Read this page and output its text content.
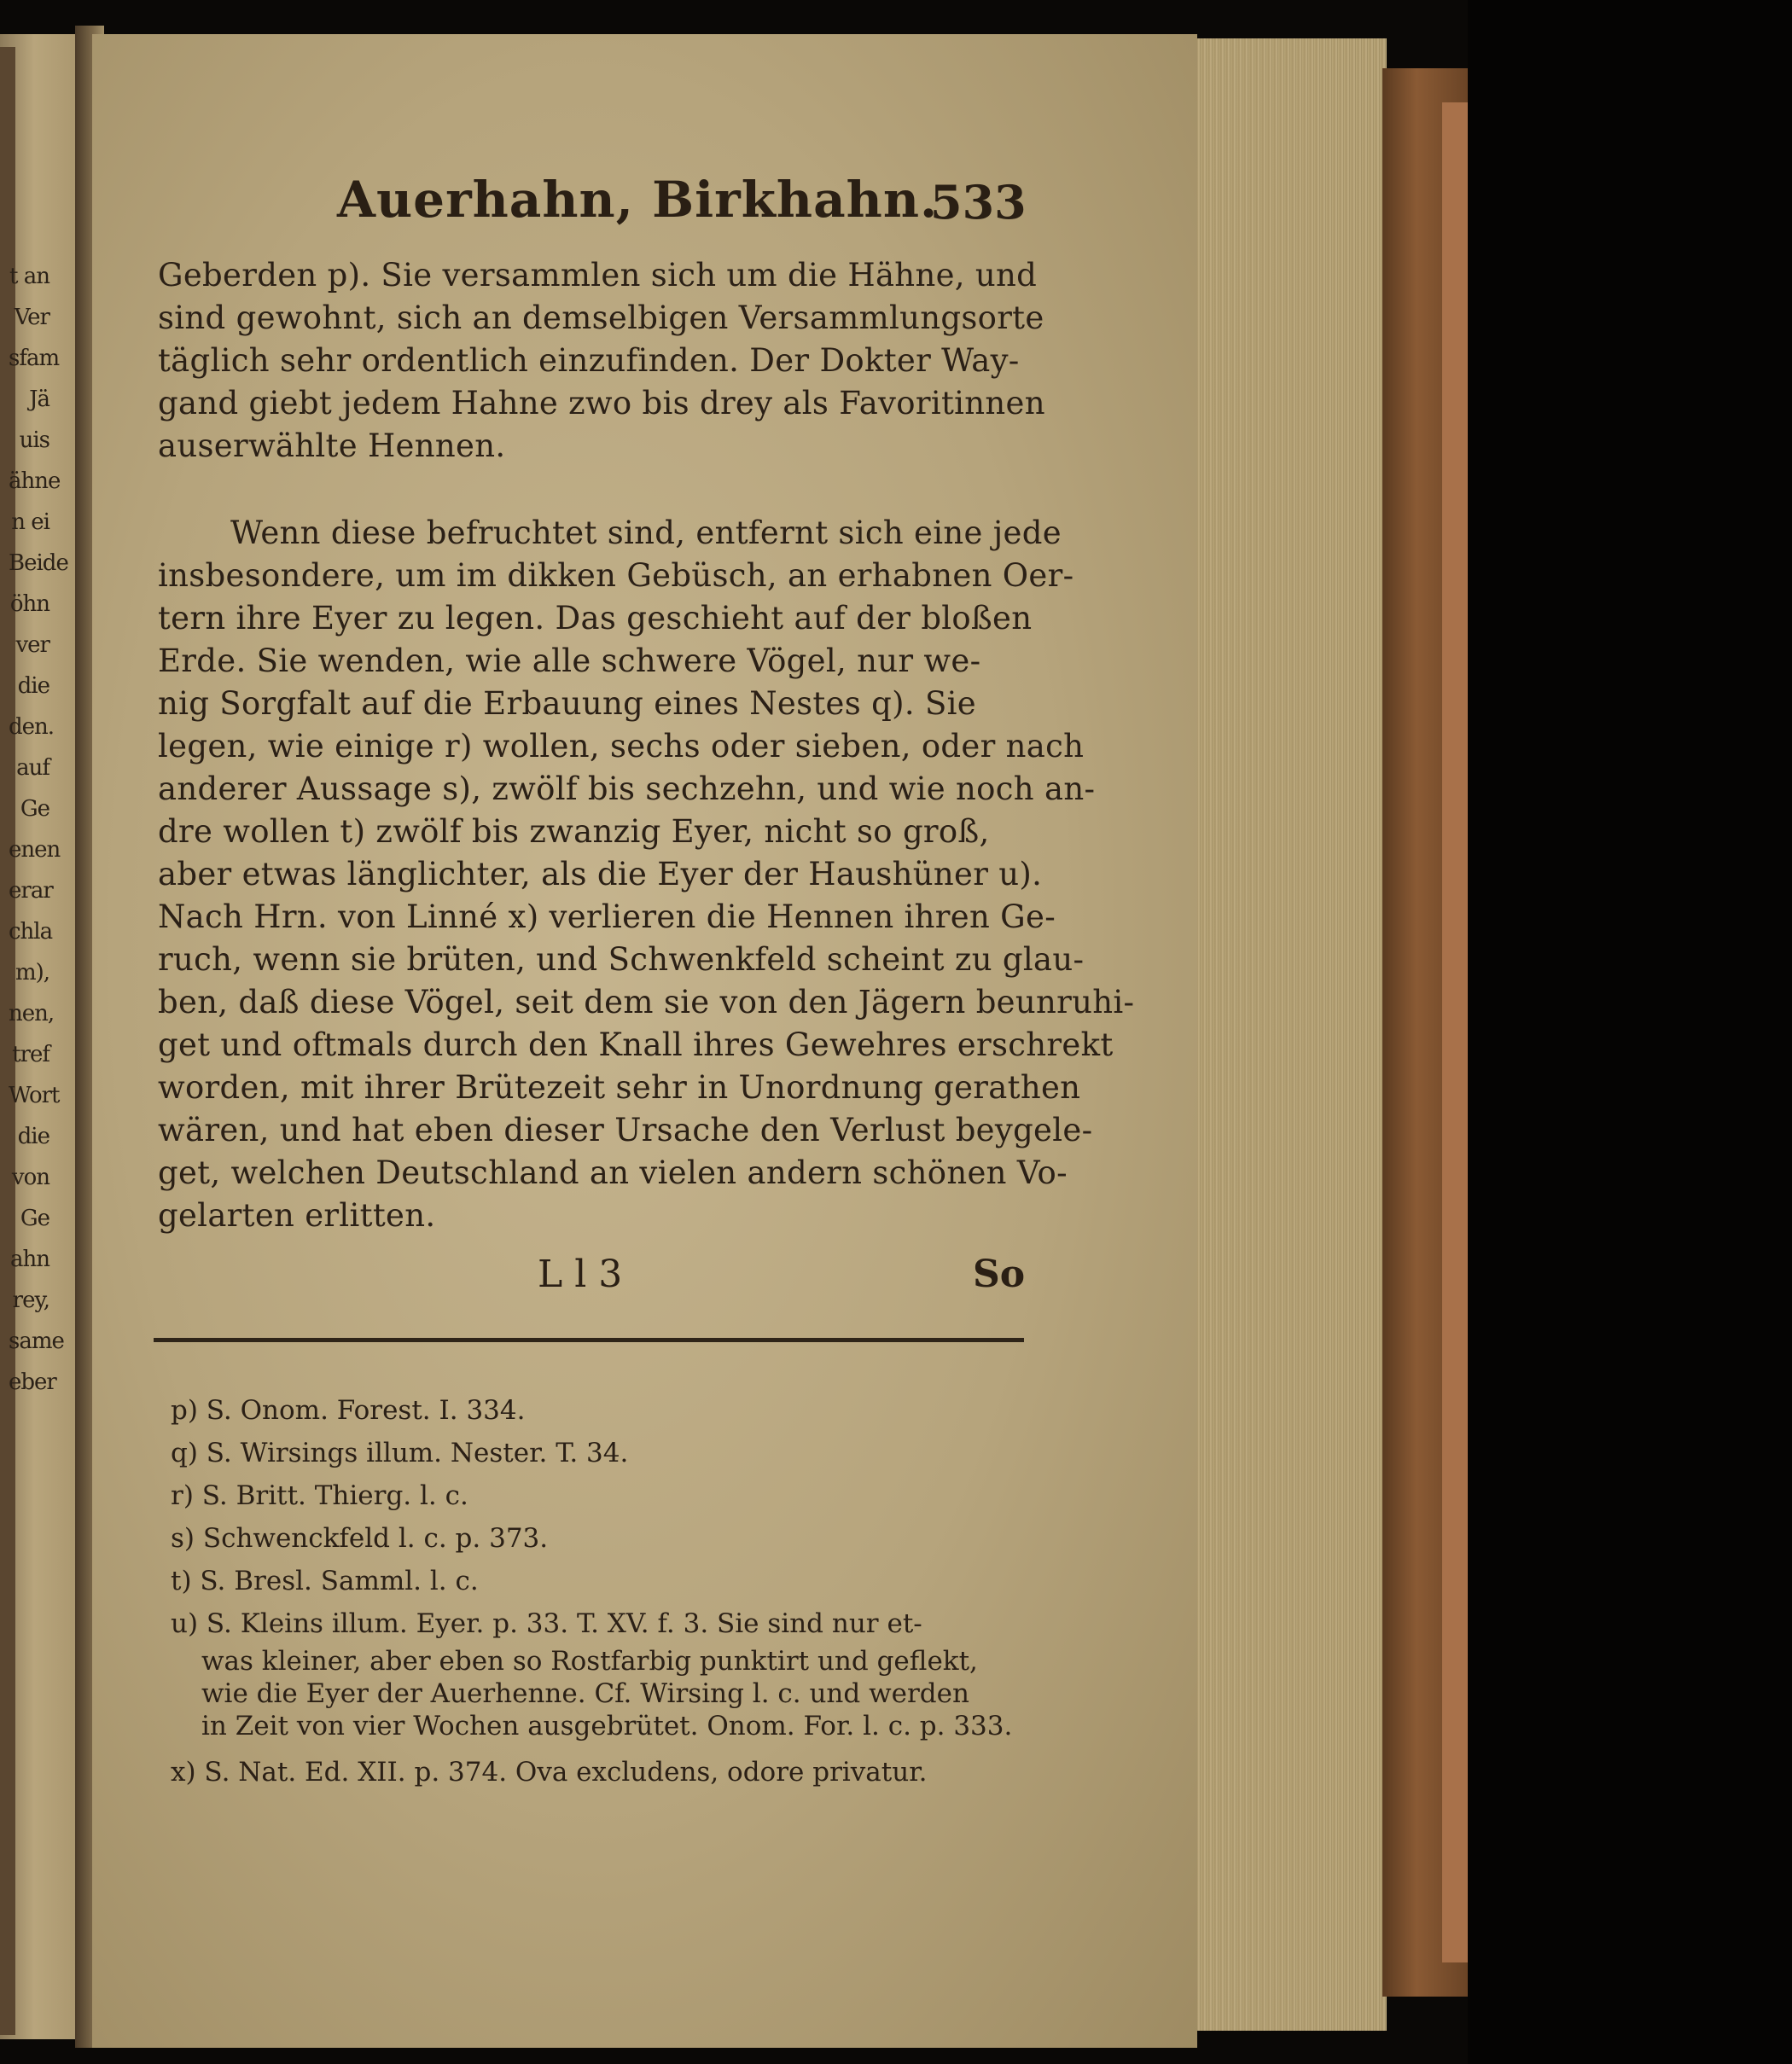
t an
Ver
sfam
Jä
uis
ähne
n ei
Beide
öhn
ver
die
den.
auf
Ge
enen
erar
chla
m),
nen,
tref
Wort
die
von
Ge
ahn
rey,
same
eber
Auerhahn, Birkhahn.
533
Geberden p). Sie versammlen sich um die Hähne, und
sind gewohnt, sich an demselbigen Versammlungsorte
täglich sehr ordentlich einzufinden. Der Dokter Way-
gand giebt jedem Hahne zwo bis drey als Favoritinnen
auserwählte Hennen.
Wenn diese befruchtet sind, entfernt sich eine jede
insbesondere, um im dikken Gebüsch, an erhabnen Oer-
tern ihre Eyer zu legen. Das geschieht auf der bloßen
Erde. Sie wenden, wie alle schwere Vögel, nur we-
nig Sorgfalt auf die Erbauung eines Nestes q). Sie
legen, wie einige r) wollen, sechs oder sieben, oder nach
anderer Aussage s), zwölf bis sechzehn, und wie noch an-
dre wollen t) zwölf bis zwanzig Eyer, nicht so groß,
aber etwas länglichter, als die Eyer der Haushüner u).
Nach Hrn. von Linné x) verlieren die Hennen ihren Ge-
ruch, wenn sie brüten, und Schwenkfeld scheint zu glau-
ben, daß diese Vögel, seit dem sie von den Jägern beunruhi-
get und oftmals durch den Knall ihres Gewehres erschrekt
worden, mit ihrer Brütezeit sehr in Unordnung gerathen
wären, und hat eben dieser Ursache den Verlust beygele-
get, welchen Deutschland an vielen andern schönen Vo-
gelarten erlitten.
L l 3	So
p) S. Onom. Forest. I. 334.
q) S. Wirsings illum. Nester. T. 34.
r) S. Britt. Thierg. l. c.
s) Schwenckfeld l. c. p. 373.
t) S. Bresl. Samml. l. c.
u) S. Kleins illum. Eyer. p. 33. T. XV. f. 3. Sie sind nur et-
was kleiner, aber eben so Rostfarbig punktirt und geflekt,
wie die Eyer der Auerhenne. Cf. Wirsing l. c. und werden
in Zeit von vier Wochen ausgebrütet. Onom. For. l. c. p. 333.
x) S. Nat. Ed. XII. p. 374. Ova excludens, odore privatur.
